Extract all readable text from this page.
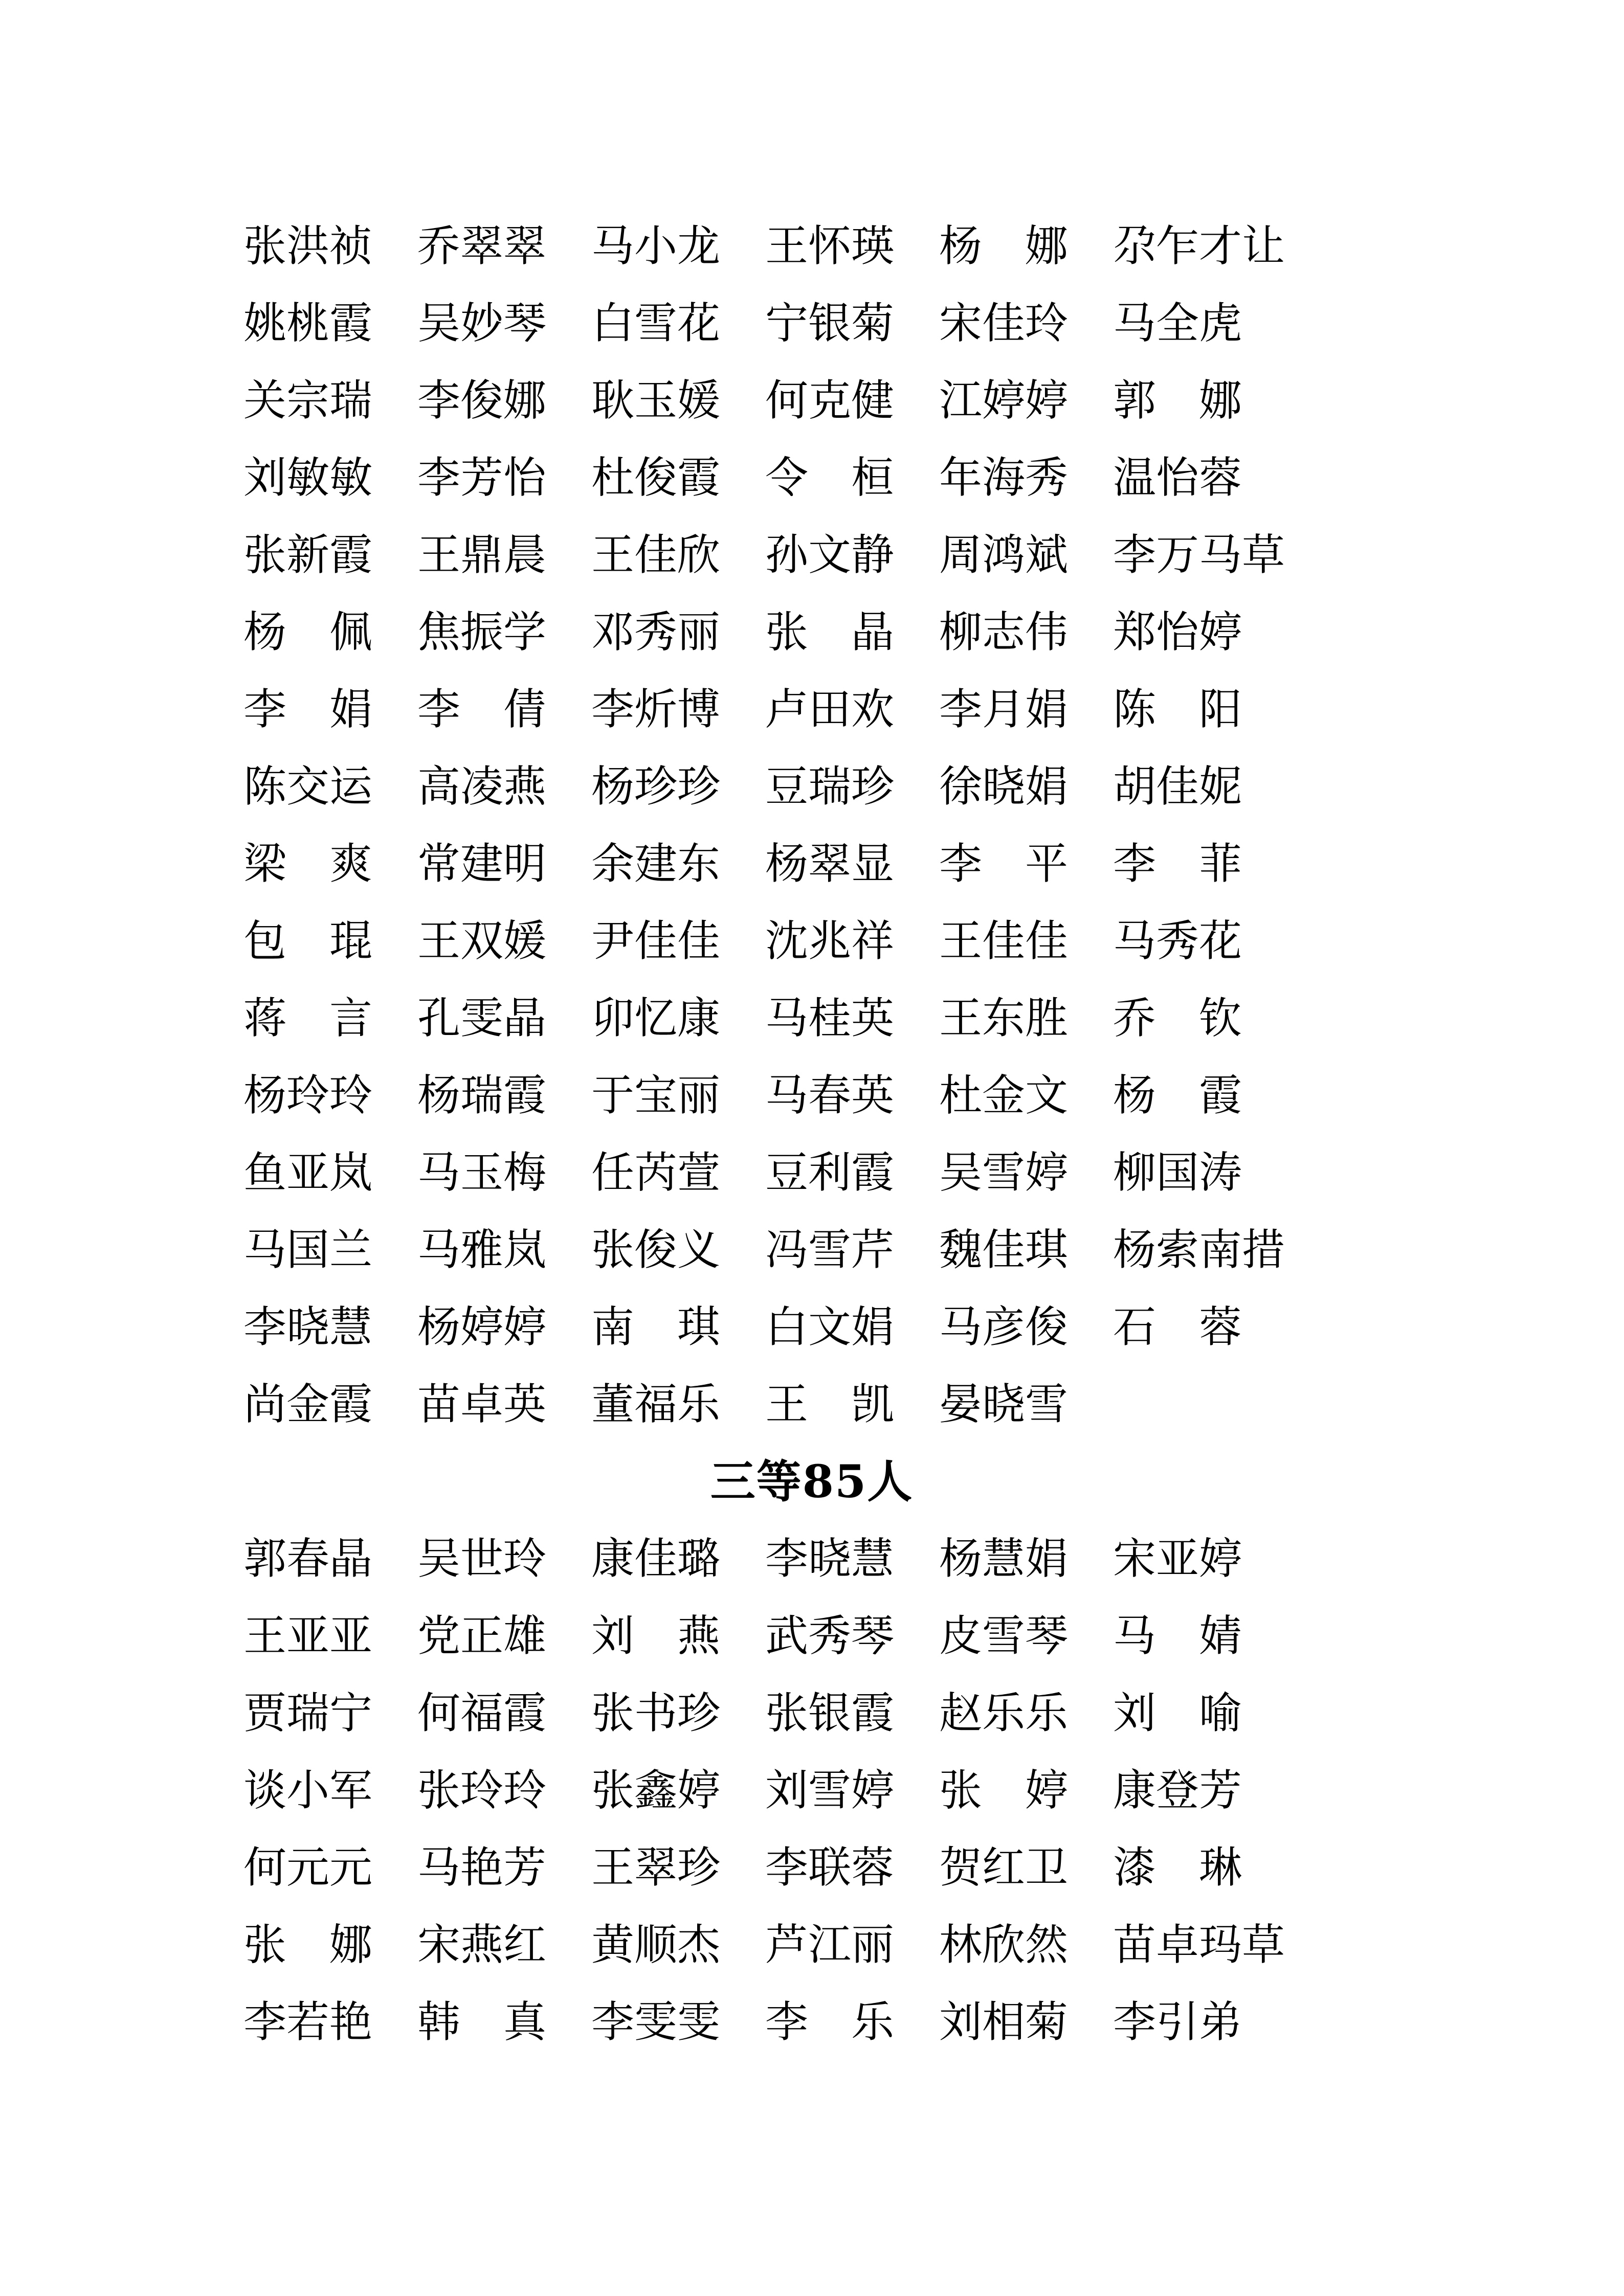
张洪祯	乔翠翠	马小龙	王怀瑛	杨　娜	尕乍才让
姚桃霞	吴妙琴	白雪花	宁银菊	宋佳玲	马全虎
关宗瑞	李俊娜	耿玉媛	何克健	江婷婷	郭　娜
刘敏敏	李芳怡	杜俊霞	令　桓	年海秀	温怡蓉
张新霞	王鼎晨	王佳欣	孙文静	周鸿斌	李万马草
杨　佩	焦振学	邓秀丽	张　晶	柳志伟	郑怡婷
李　娟	李　倩	李炘博	卢田欢	李月娟	陈　阳
陈交运	高凌燕	杨珍珍	豆瑞珍	徐晓娟	胡佳妮
梁　爽	常建明	余建东	杨翠显	李　平	李　菲
包　琨	王双媛	尹佳佳	沈兆祥	王佳佳	马秀花
蒋　言	孔雯晶	卯忆康	马桂英	王东胜	乔　钦
杨玲玲	杨瑞霞	于宝丽	马春英	杜金文	杨　霞
鱼亚岚	马玉梅	任芮萱	豆利霞	吴雪婷	柳国涛
马国兰	马雅岚	张俊义	冯雪芹	魏佳琪	杨索南措
李晓慧	杨婷婷	南　琪	白文娟	马彦俊	石　蓉
尚金霞	苗卓英	董福乐	王　凯	晏晓雪
三等85人
郭春晶	吴世玲	康佳璐	李晓慧	杨慧娟	宋亚婷
王亚亚	党正雄	刘　燕	武秀琴	皮雪琴	马　婧
贾瑞宁	何福霞	张书珍	张银霞	赵乐乐	刘　喻
谈小军	张玲玲	张鑫婷	刘雪婷	张　婷	康登芳
何元元	马艳芳	王翠珍	李联蓉	贺红卫	漆　琳
张　娜	宋燕红	黄顺杰	芦江丽	林欣然	苗卓玛草
李若艳	韩　真	李雯雯	李　乐	刘相菊	李引弟
